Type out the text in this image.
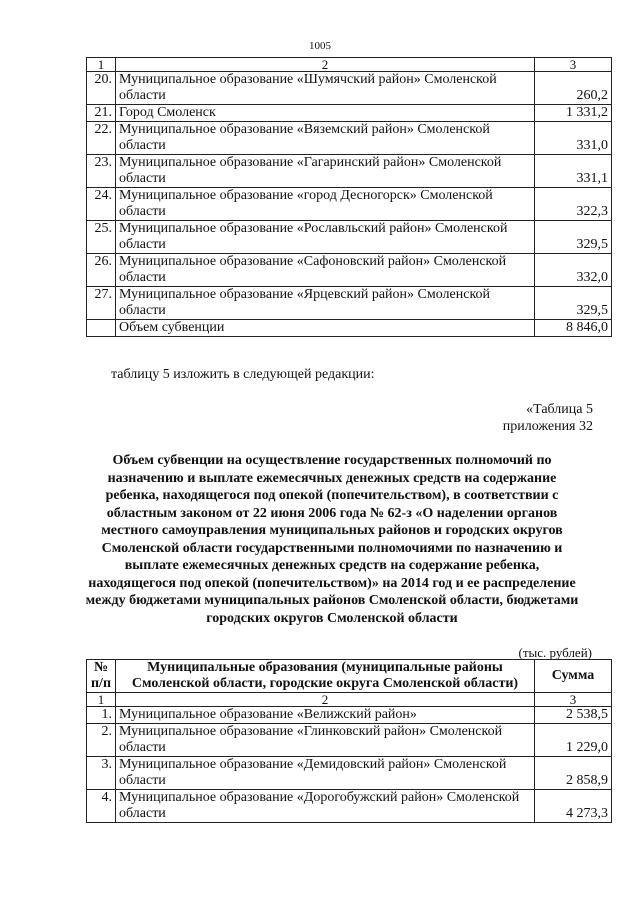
1005
1	2	3
20.	Муниципальное образование «Шумячский район» Смоленской области	260,2
21.	Город Смоленск	1 331,2
22.	Муниципальное образование «Вяземский район» Смоленской области	331,0
23.	Муниципальное образование «Гагаринский район» Смоленской области	331,1
24.	Муниципальное образование «город Десногорск» Смоленской области	322,3
25.	Муниципальное образование «Рославльский район» Смоленской области	329,5
26.	Муниципальное образование «Сафоновский район» Смоленской области	332,0
27.	Муниципальное образование «Ярцевский район» Смоленской области	329,5
	Объем субвенции	8 846,0
таблицу 5 изложить в следующей редакции:
«Таблица 5
приложения 32
Объем субвенции на осуществление государственных полномочий по назначению и выплате ежемесячных денежных средств на содержание ребенка, находящегося под опекой (попечительством), в соответствии с областным законом от 22 июня 2006 года № 62-з «О наделении органов местного самоуправления муниципальных районов и городских округов Смоленской области государственными полномочиями по назначению и выплате ежемесячных денежных средств на содержание ребенка, находящегося под опекой (попечительством)» на 2014 год и ее распределение между бюджетами муниципальных районов Смоленской области, бюджетами городских округов Смоленской области
(тыс. рублей)
№ п/п	Муниципальные образования (муниципальные районы Смоленской области, городские округа Смоленской области)	Сумма
1	2	3
1.	Муниципальное образование «Велижский район»	2 538,5
2.	Муниципальное образование «Глинковский район» Смоленской области	1 229,0
3.	Муниципальное образование «Демидовский район» Смоленской области	2 858,9
4.	Муниципальное образование «Дорогобужский район» Смоленской области	4 273,3
